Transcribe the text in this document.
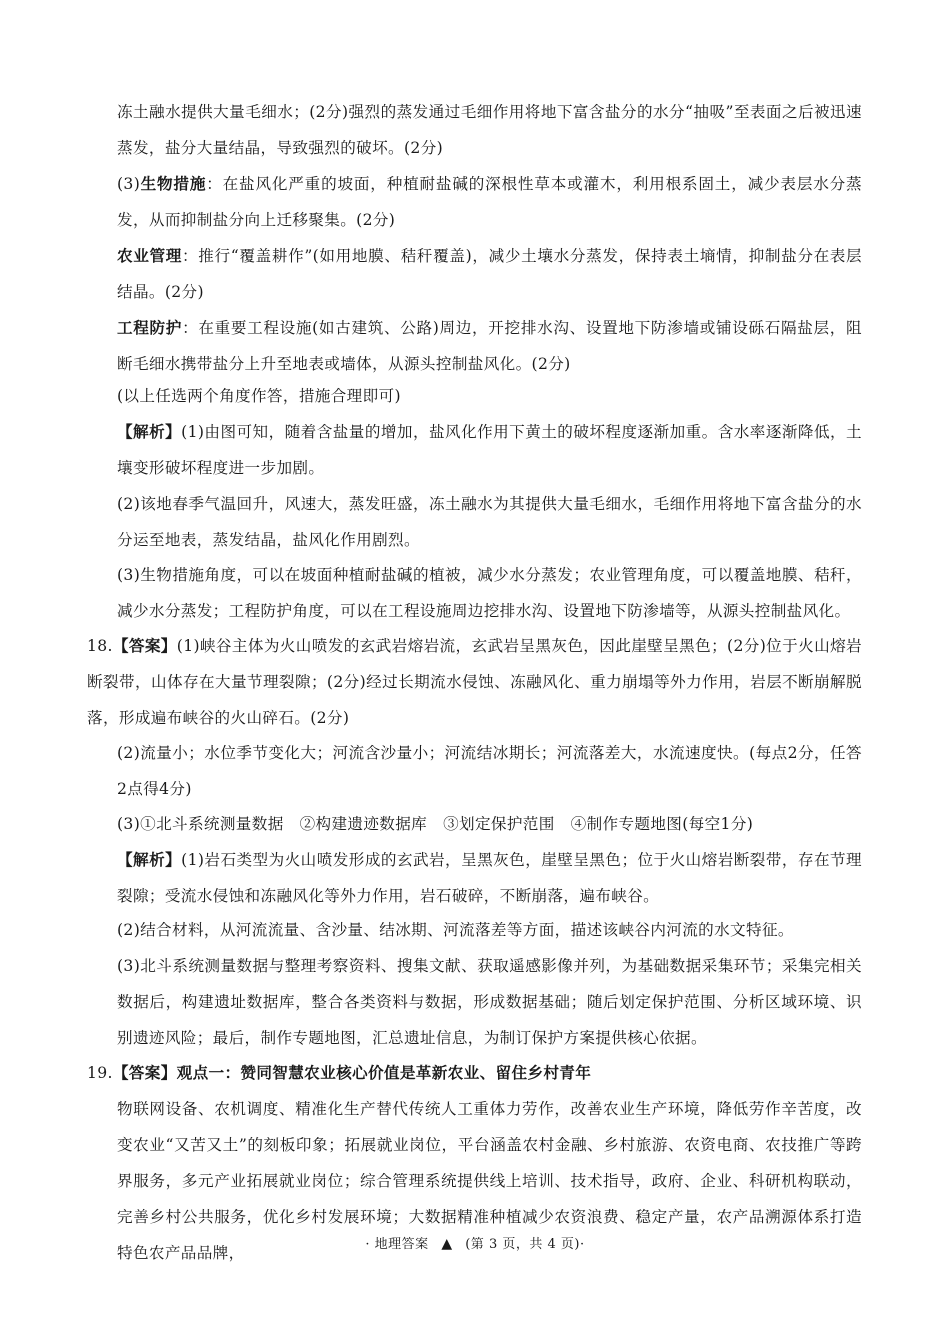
冻土融水提供大量毛细水；(2分)强烈的蒸发通过毛细作用将地下富含盐分的水分“抽吸”至表面之后被迅速蒸发，盐分大量结晶，导致强烈的破坏。(2分)

(3)生物措施：在盐风化严重的坡面，种植耐盐碱的深根性草本或灌木，利用根系固土，减少表层水分蒸发，从而抑制盐分向上迁移聚集。(2分)

农业管理：推行“覆盖耕作”(如用地膜、秸秆覆盖)，减少土壤水分蒸发，保持表土墒情，抑制盐分在表层结晶。(2分)

工程防护：在重要工程设施(如古建筑、公路)周边，开挖排水沟、设置地下防渗墙或铺设砾石隔盐层，阻断毛细水携带盐分上升至地表或墙体，从源头控制盐风化。(2分)

(以上任选两个角度作答，措施合理即可)

【解析】(1)由图可知，随着含盐量的增加，盐风化作用下黄土的破坏程度逐渐加重。含水率逐渐降低，土壤变形破坏程度进一步加剧。

(2)该地春季气温回升，风速大，蒸发旺盛，冻土融水为其提供大量毛细水，毛细作用将地下富含盐分的水分运至地表，蒸发结晶，盐风化作用剧烈。

(3)生物措施角度，可以在坡面种植耐盐碱的植被，减少水分蒸发；农业管理角度，可以覆盖地膜、秸秆，减少水分蒸发；工程防护角度，可以在工程设施周边挖排水沟、设置地下防渗墙等，从源头控制盐风化。

18.【答案】(1)峡谷主体为火山喷发的玄武岩熔岩流，玄武岩呈黑灰色，因此崖壁呈黑色；(2分)位于火山熔岩断裂带，山体存在大量节理裂隙；(2分)经过长期流水侵蚀、冻融风化、重力崩塌等外力作用，岩层不断崩解脱落，形成遍布峡谷的火山碎石。(2分)

(2)流量小；水位季节变化大；河流含沙量小；河流结冰期长；河流落差大，水流速度快。(每点2分，任答2点得4分)

(3)①北斗系统测量数据　②构建遗迹数据库　③划定保护范围　④制作专题地图(每空1分)

【解析】(1)岩石类型为火山喷发形成的玄武岩，呈黑灰色，崖壁呈黑色；位于火山熔岩断裂带，存在节理裂隙；受流水侵蚀和冻融风化等外力作用，岩石破碎，不断崩落，遍布峡谷。

(2)结合材料，从河流流量、含沙量、结冰期、河流落差等方面，描述该峡谷内河流的水文特征。

(3)北斗系统测量数据与整理考察资料、搜集文献、获取遥感影像并列，为基础数据采集环节；采集完相关数据后，构建遗址数据库，整合各类资料与数据，形成数据基础；随后划定保护范围、分析区域环境、识别遗迹风险；最后，制作专题地图，汇总遗址信息，为制订保护方案提供核心依据。

19.【答案】观点一：赞同智慧农业核心价值是革新农业、留住乡村青年

物联网设备、农机调度、精准化生产替代传统人工重体力劳作，改善农业生产环境，降低劳作辛苦度，改变农业“又苦又土”的刻板印象；拓展就业岗位，平台涵盖农村金融、乡村旅游、农资电商、农技推广等跨界服务，多元产业拓展就业岗位；综合管理系统提供线上培训、技术指导，政府、企业、科研机构联动，完善乡村公共服务，优化乡村发展环境；大数据精准种植减少农资浪费、稳定产量，农产品溯源体系打造特色农产品品牌，	· 地理答案 ▲ (第 3 页，共 4 页)·
